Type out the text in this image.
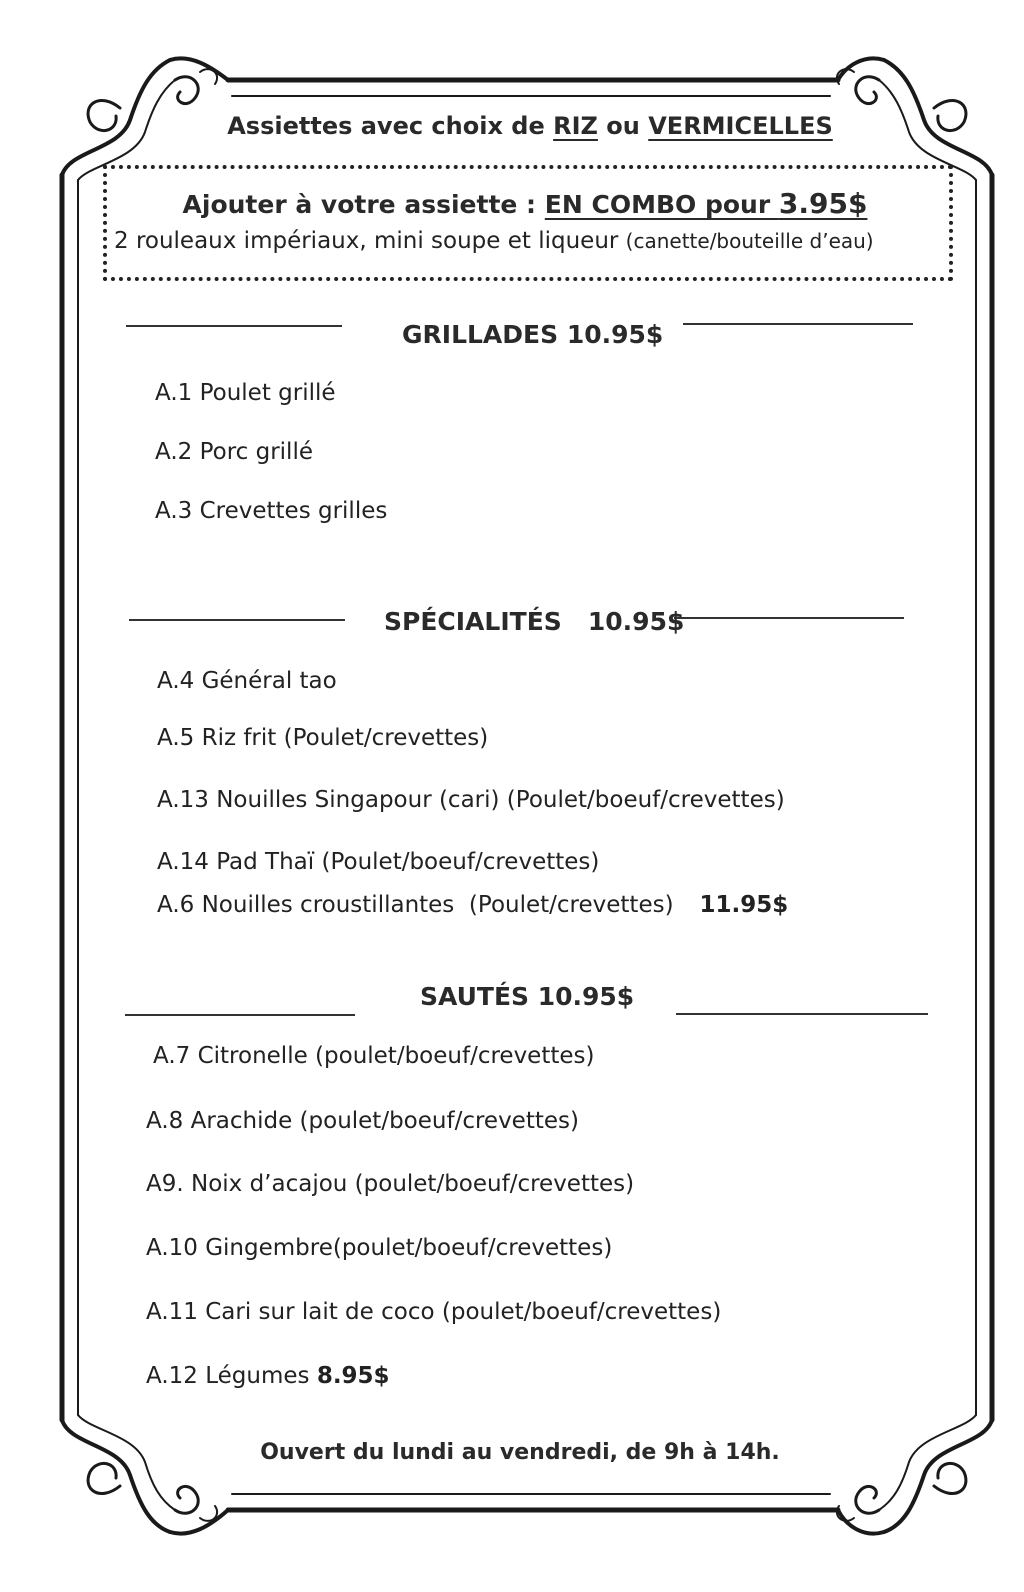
Assiettes avec choix de RIZ ou VERMICELLES
Ajouter à votre assiette : EN COMBO pour 3.95$
2 rouleaux impériaux, mini soupe et liqueur (canette/bouteille d’eau)
GRILLADES 10.95$
A.1 Poulet grillé
A.2 Porc grillé
A.3 Crevettes grilles
SPÉCIALITÉS   10.95$
A.4 Général tao
A.5 Riz frit (Poulet/crevettes)
A.13 Nouilles Singapour (cari) (Poulet/boeuf/crevettes)
A.14 Pad Thaï (Poulet/boeuf/crevettes)
A.6 Nouilles croustillantes  (Poulet/crevettes) 11.95$
SAUTÉS 10.95$
A.7 Citronelle (poulet/boeuf/crevettes)
A.8 Arachide (poulet/boeuf/crevettes)
A9. Noix d’acajou (poulet/boeuf/crevettes)
A.10 Gingembre(poulet/boeuf/crevettes)
A.11 Cari sur lait de coco (poulet/boeuf/crevettes)
A.12 Légumes 8.95$
Ouvert du lundi au vendredi, de 9h à 14h.
